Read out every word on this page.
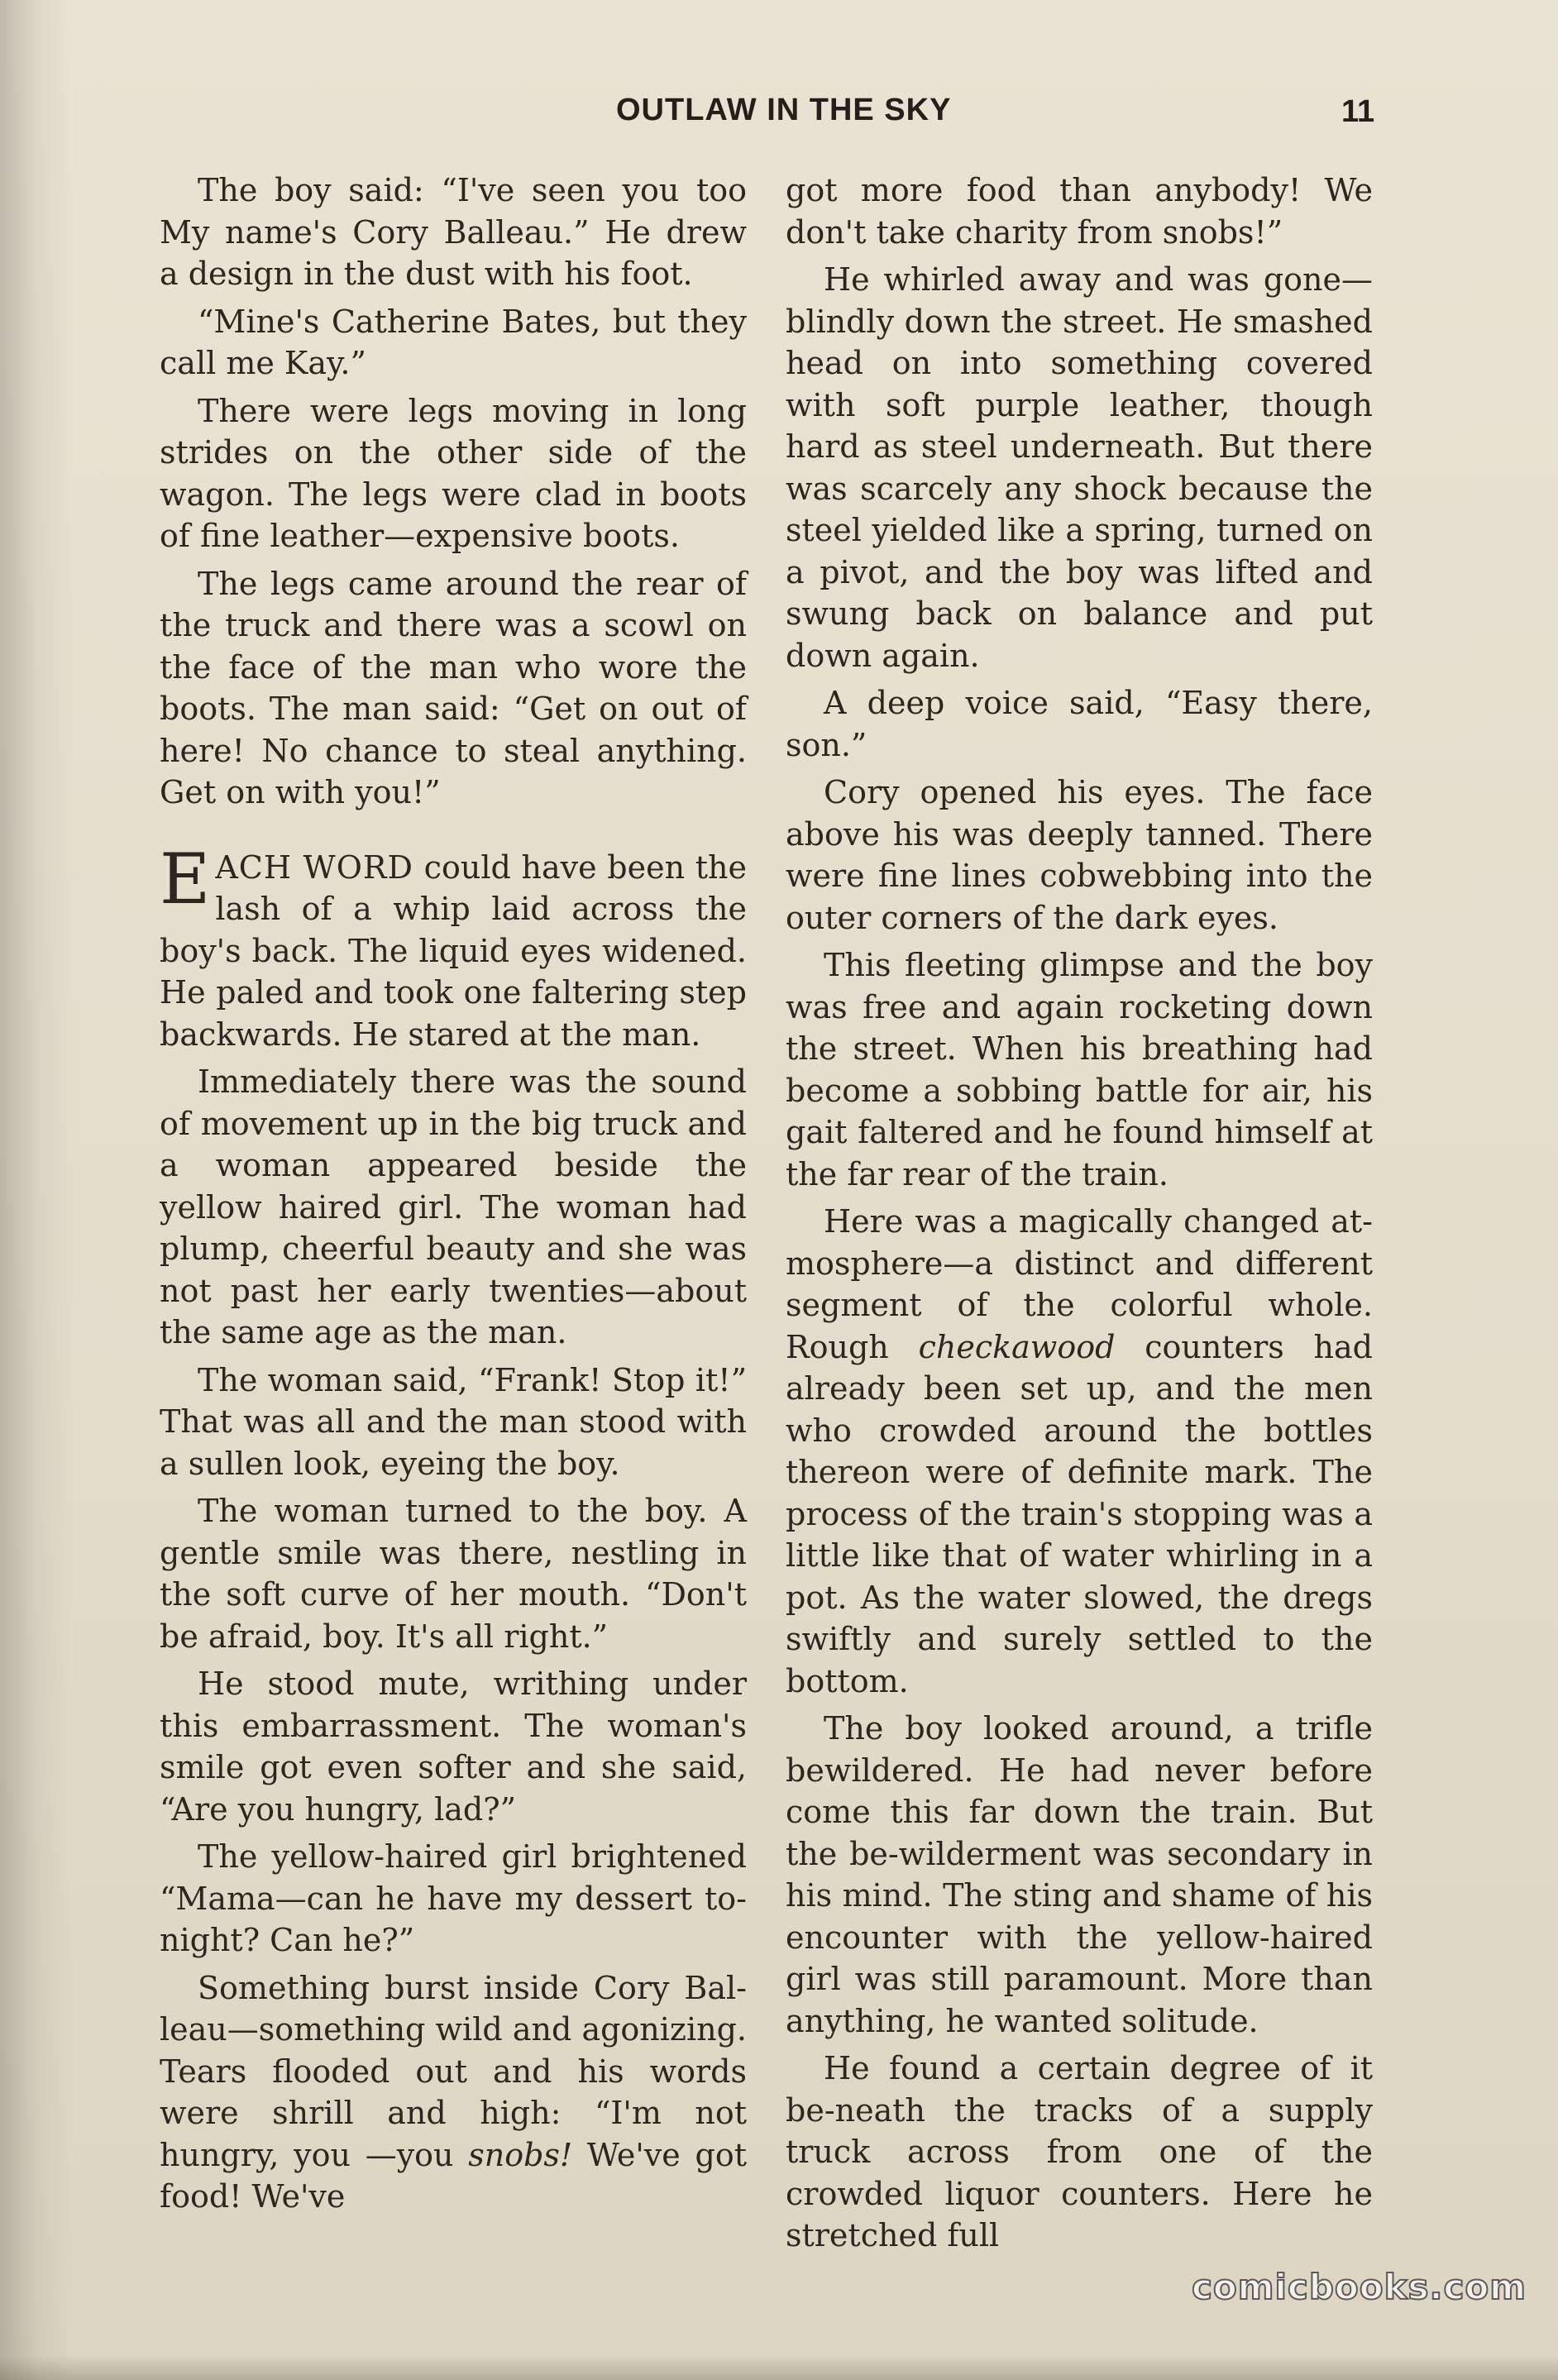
OUTLAW IN THE SKY	11

The boy said: “I've seen you too My name's Cory Balleau.” He drew a design in the dust with his foot.

“Mine's Catherine Bates, but they call me Kay.”

There were legs moving in long strides on the other side of the wagon. The legs were clad in boots of fine leather—expensive boots.

The legs came around the rear of the truck and there was a scowl on the face of the man who wore the boots. The man said: “Get on out of here! No chance to steal anything. Get on with you!”

EACH WORD could have been the lash of a whip laid across the boy's back. The liquid eyes widened. He paled and took one faltering step backwards. He stared at the man.

Immediately there was the sound of movement up in the big truck and a woman appeared beside the yellow haired girl. The woman had plump, cheerful beauty and she was not past her early twenties—about the same age as the man.

The woman said, “Frank! Stop it!” That was all and the man stood with a sullen look, eyeing the boy.

The woman turned to the boy. A gentle smile was there, nestling in the soft curve of her mouth. “Don't be afraid, boy. It's all right.”

He stood mute, writhing under this embarrassment. The woman's smile got even softer and she said, “Are you hungry, lad?”

The yellow-haired girl brightened “Mama—can he have my dessert to-night? Can he?”

Something burst inside Cory Bal-leau—something wild and agonizing. Tears flooded out and his words were shrill and high: “I'm not hungry, you —you snobs! We've got food! We've

got more food than anybody! We don't take charity from snobs!”

He whirled away and was gone—blindly down the street. He smashed head on into something covered with soft purple leather, though hard as steel underneath. But there was scarcely any shock because the steel yielded like a spring, turned on a pivot, and the boy was lifted and swung back on balance and put down again.

A deep voice said, “Easy there, son.”

Cory opened his eyes. The face above his was deeply tanned. There were fine lines cobwebbing into the outer corners of the dark eyes.

This fleeting glimpse and the boy was free and again rocketing down the street. When his breathing had become a sobbing battle for air, his gait faltered and he found himself at the far rear of the train.

Here was a magically changed at-mosphere—a distinct and different segment of the colorful whole. Rough checkawood counters had already been set up, and the men who crowded around the bottles thereon were of definite mark. The process of the train's stopping was a little like that of water whirling in a pot. As the water slowed, the dregs swiftly and surely settled to the bottom.

The boy looked around, a trifle bewildered. He had never before come this far down the train. But the be-wilderment was secondary in his mind. The sting and shame of his encounter with the yellow-haired girl was still paramount. More than anything, he wanted solitude.

He found a certain degree of it be-neath the tracks of a supply truck across from one of the crowded liquor counters. Here he stretched full

comicbooks.com
